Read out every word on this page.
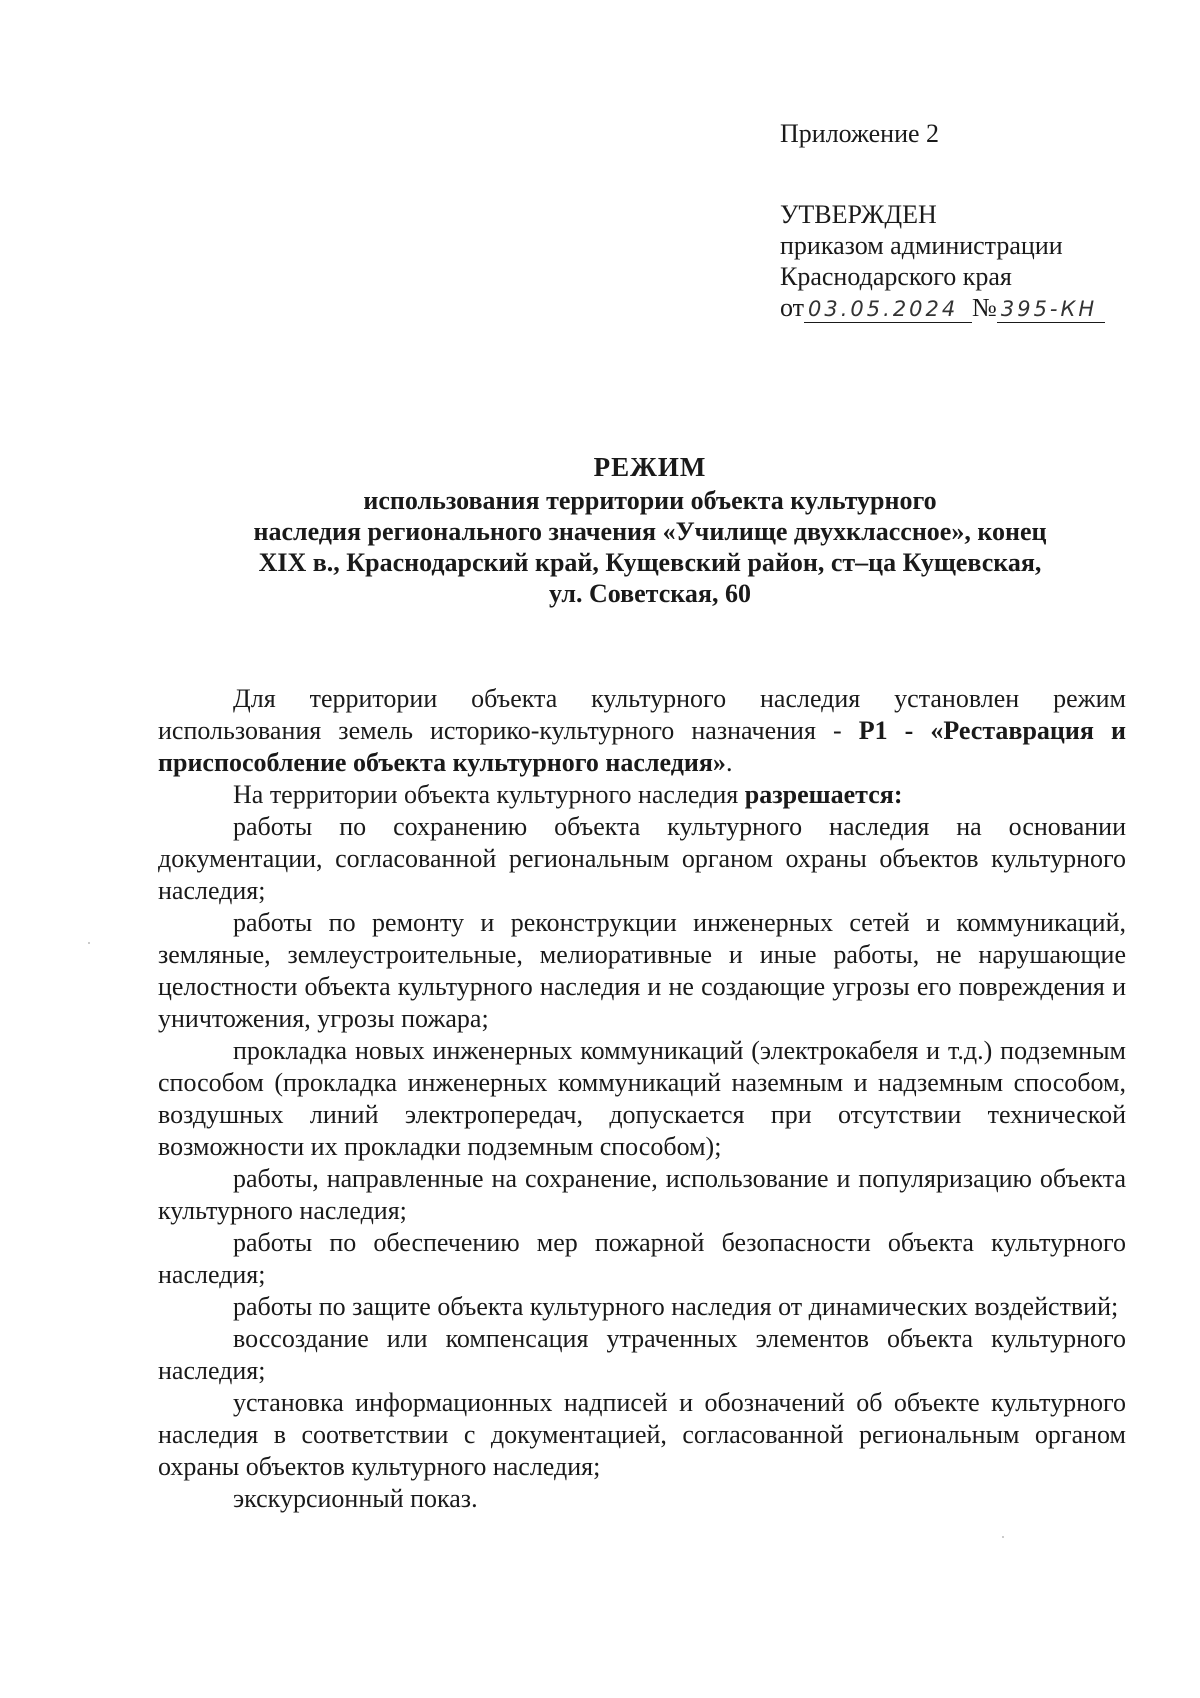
Приложение 2

УТВЕРЖДЕН

приказом администрации

Краснодарского края

от 03.05.2024 № 395-КН

РЕЖИМ
использования территории объекта культурного
наследия регионального значения «Училище двухклассное», конец
XIX в., Краснодарский край, Кущевский район, ст–ца Кущевская,
ул. Советская, 60

Для территории объекта культурного наследия установлен режим использования земель историко-культурного назначения - Р1 - «Реставрация и приспособление объекта культурного наследия».

На территории объекта культурного наследия разрешается:

работы по сохранению объекта культурного наследия на основании документации, согласованной региональным органом охраны объектов культурного наследия;

работы по ремонту и реконструкции инженерных сетей и коммуникаций, земляные, землеустроительные, мелиоративные и иные работы, не нарушающие целостности объекта культурного наследия и не создающие угрозы его повреждения и уничтожения, угрозы пожара;

прокладка новых инженерных коммуникаций (электрокабеля и т.д.) подземным способом (прокладка инженерных коммуникаций наземным и надземным способом, воздушных линий электропередач, допускается при отсутствии технической возможности их прокладки подземным способом);

работы, направленные на сохранение, использование и популяризацию объекта культурного наследия;

работы по обеспечению мер пожарной безопасности объекта культурного наследия;

работы по защите объекта культурного наследия от динамических воздействий;

воссоздание или компенсация утраченных элементов объекта культурного наследия;

установка информационных надписей и обозначений об объекте культурного наследия в соответствии с документацией, согласованной региональным органом охраны объектов культурного наследия;

экскурсионный показ.
